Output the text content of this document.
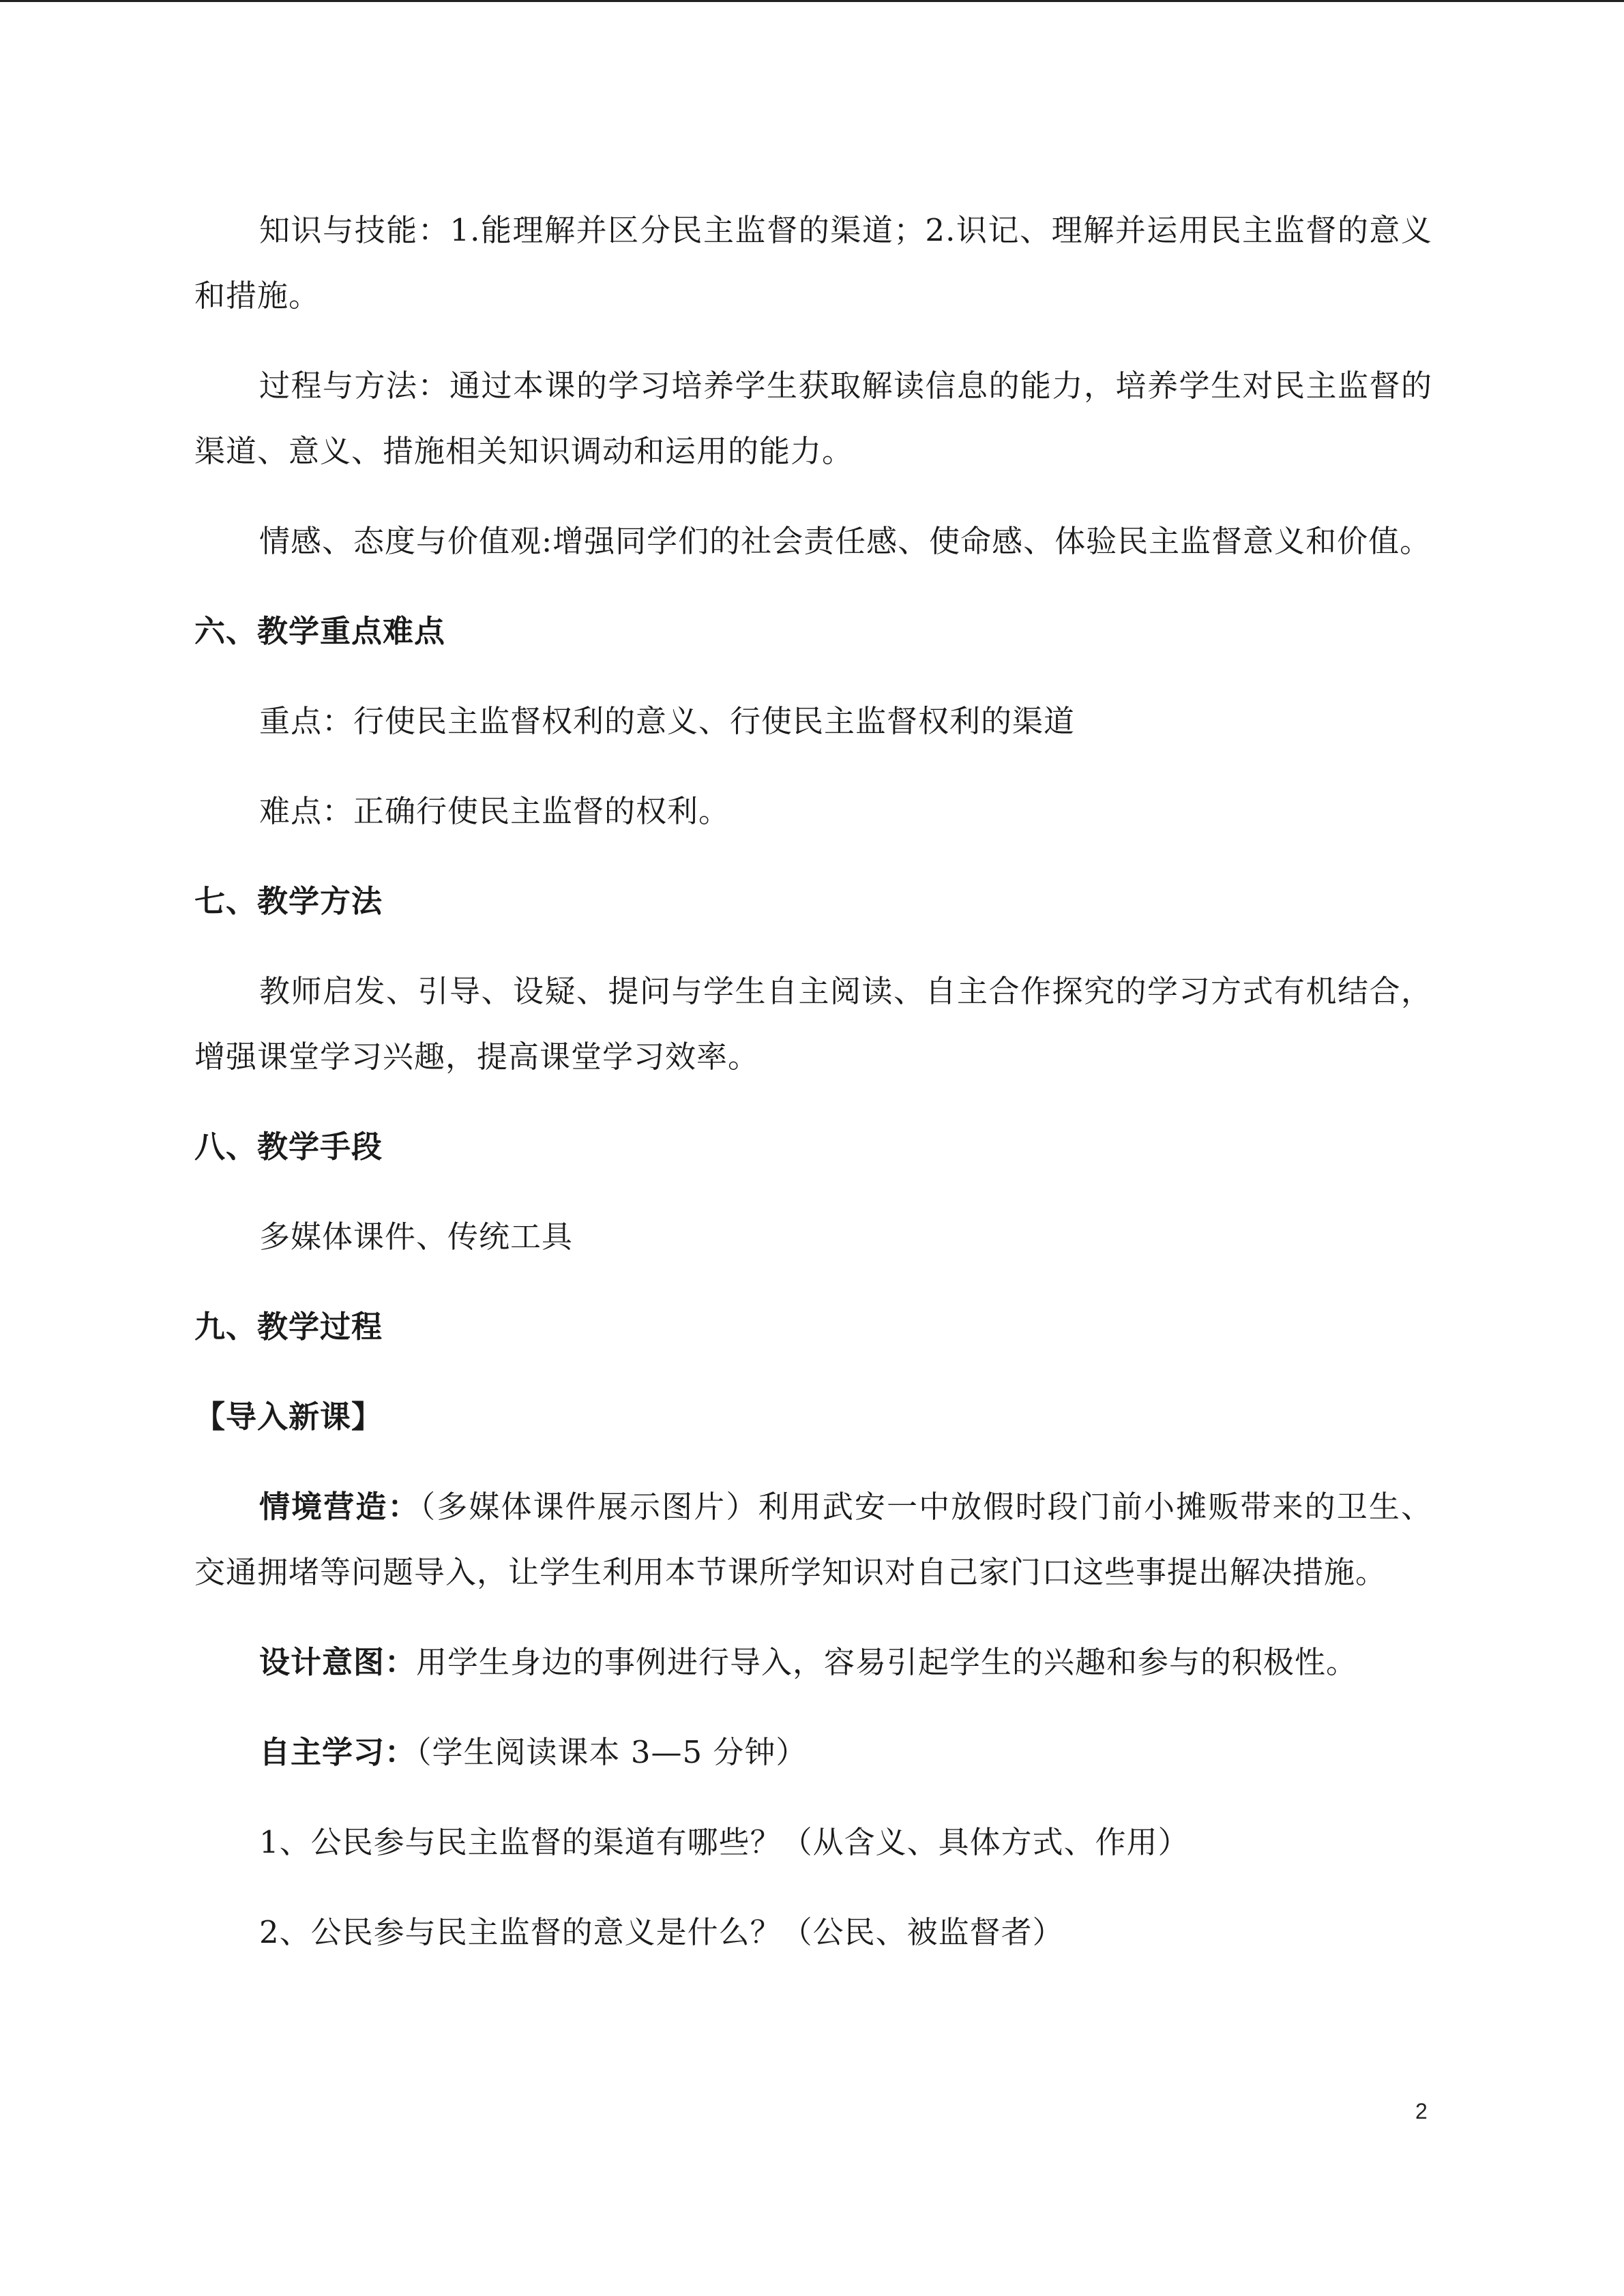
知识与技能：1.能理解并区分民主监督的渠道；2.识记、理解并运用民主监督的意义和措施。

过程与方法：通过本课的学习培养学生获取解读信息的能力，培养学生对民主监督的渠道、意义、措施相关知识调动和运用的能力。

情感、态度与价值观:增强同学们的社会责任感、使命感、体验民主监督意义和价值。

六、教学重点难点

重点：行使民主监督权利的意义、行使民主监督权利的渠道

难点：正确行使民主监督的权利。

七、教学方法

教师启发、引导、设疑、提问与学生自主阅读、自主合作探究的学习方式有机结合，增强课堂学习兴趣，提高课堂学习效率。

八、教学手段

多媒体课件、传统工具

九、教学过程
【导入新课】

情境营造：（多媒体课件展示图片）利用武安一中放假时段门前小摊贩带来的卫生、交通拥堵等问题导入，让学生利用本节课所学知识对自己家门口这些事提出解决措施。

设计意图：用学生身边的事例进行导入，容易引起学生的兴趣和参与的积极性。

自主学习：（学生阅读课本 3—5 分钟）

1、公民参与民主监督的渠道有哪些？（从含义、具体方式、作用）

2、公民参与民主监督的意义是什么？（公民、被监督者）

2
